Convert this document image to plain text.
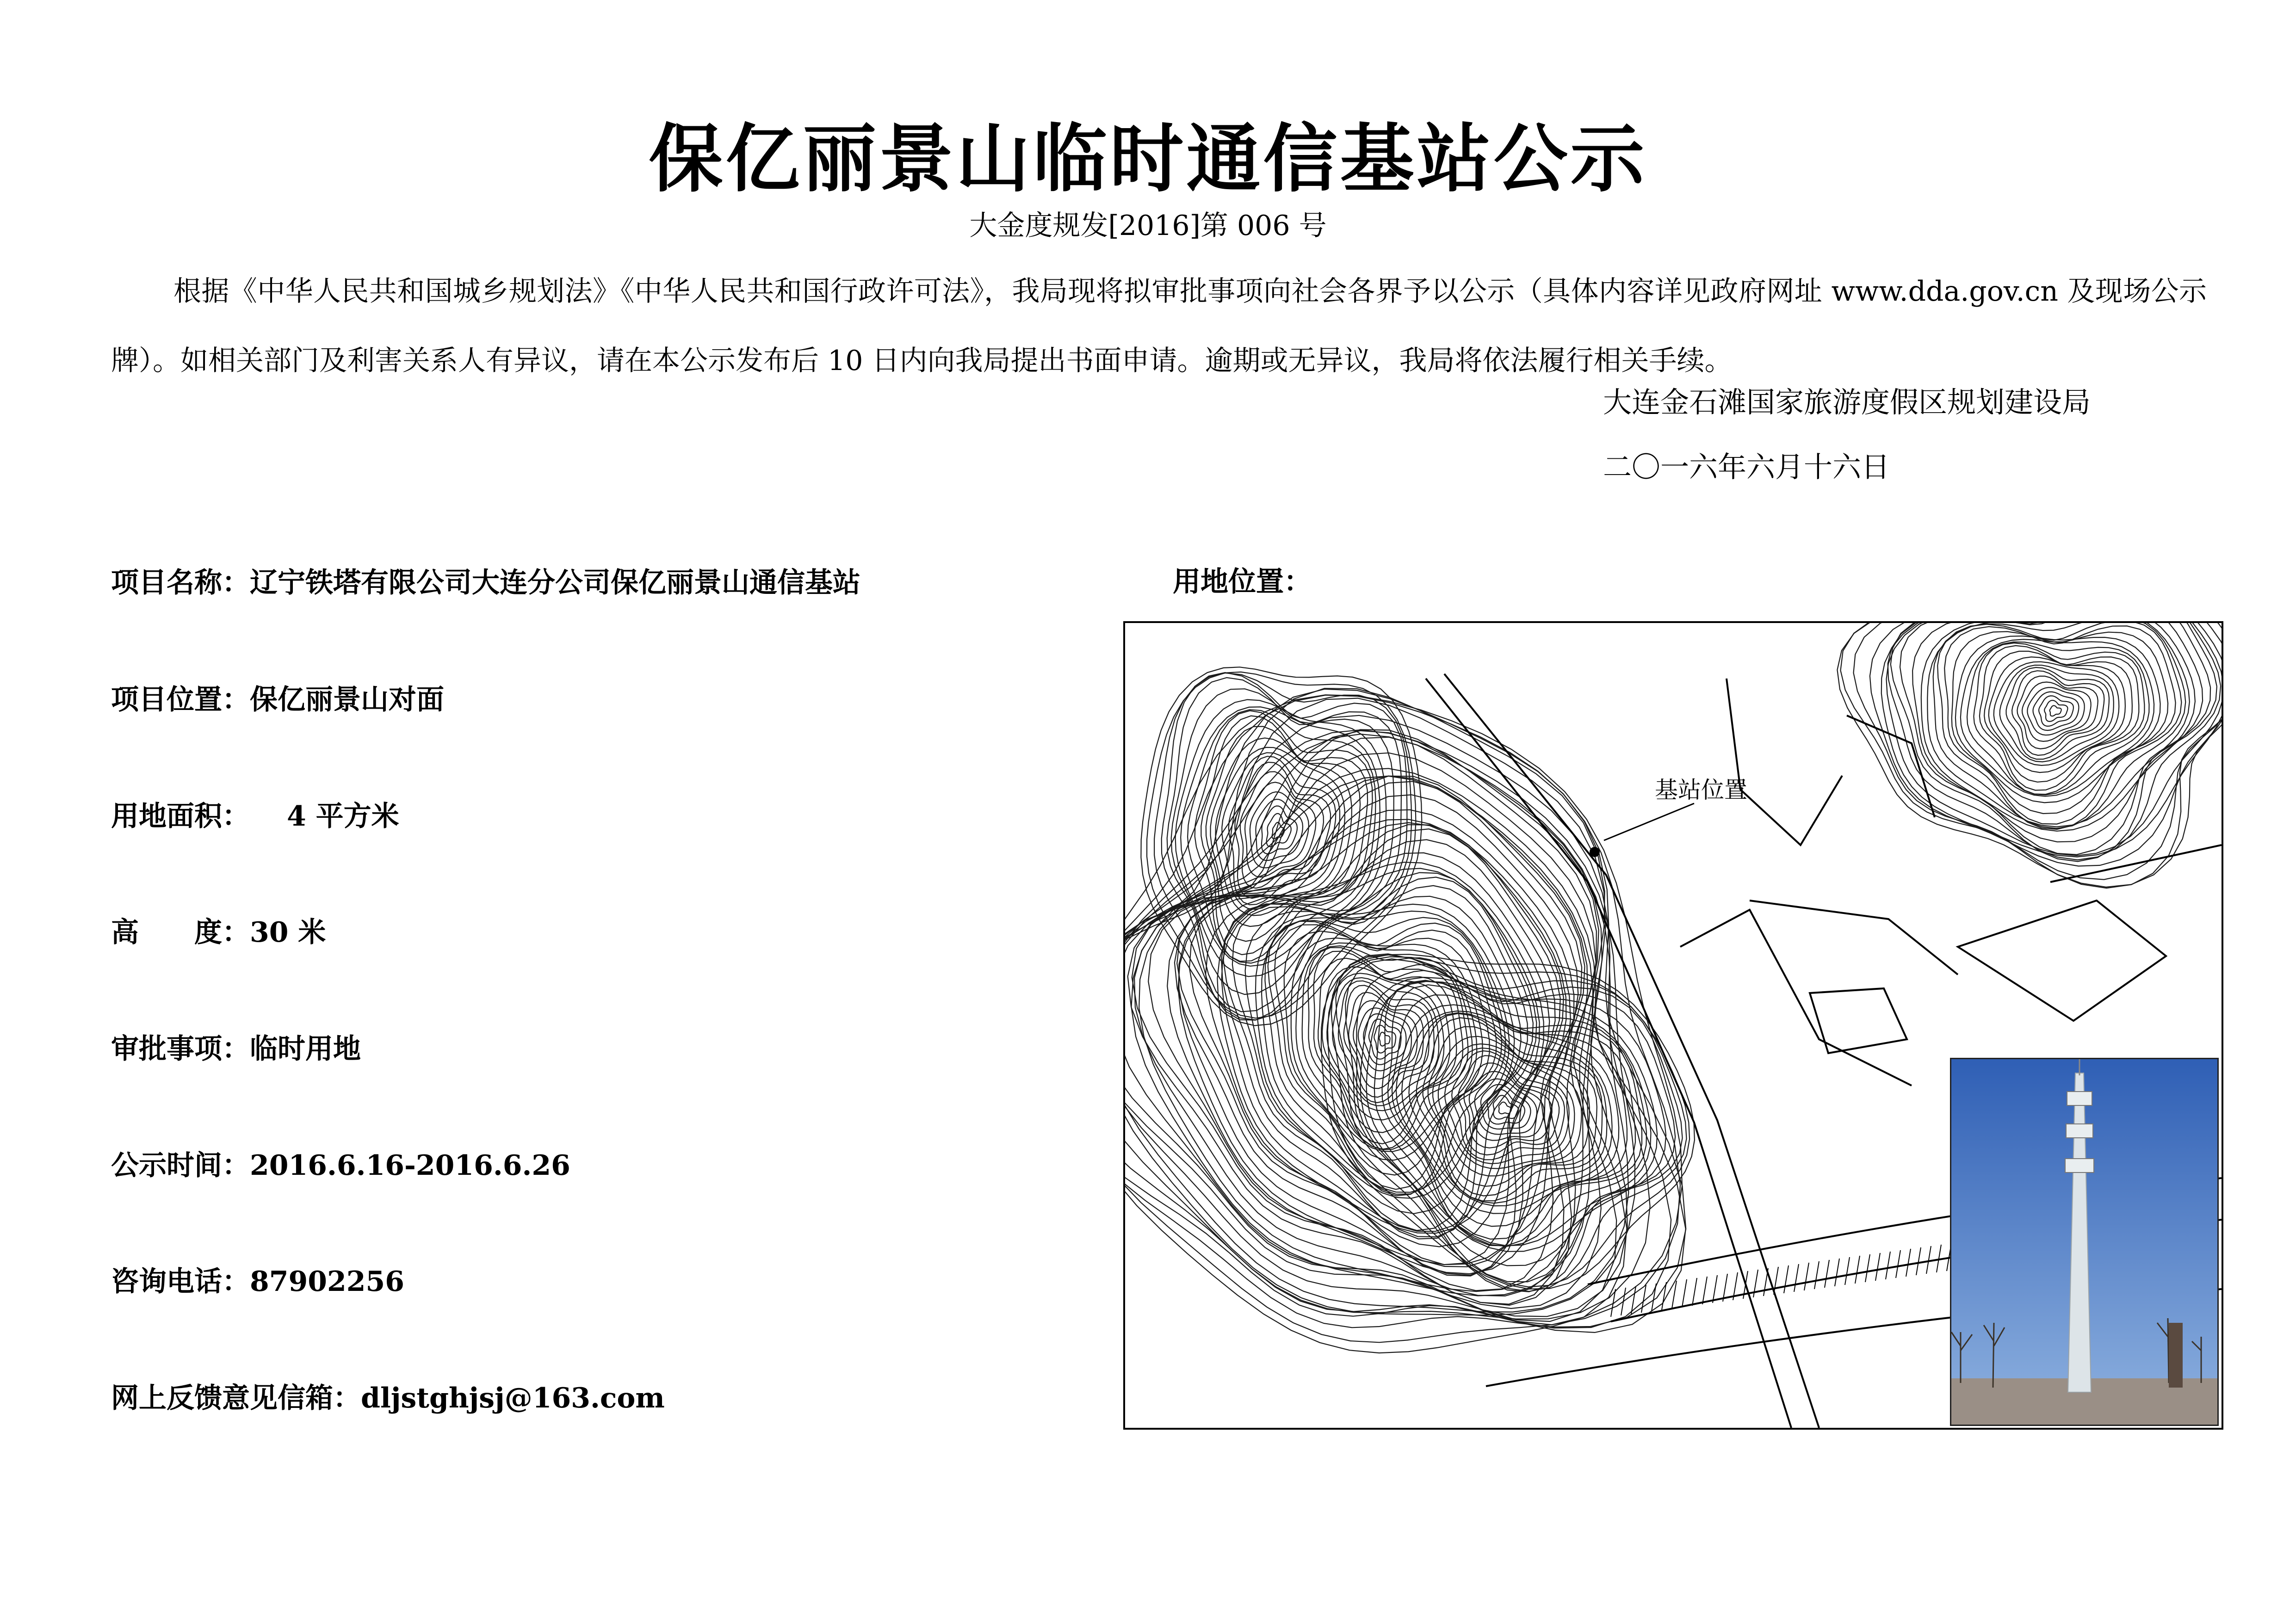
保亿丽景山临时通信基站公示
大金度规发[2016]第 006 号
根据《中华人民共和国城乡规划法》《中华人民共和国行政许可法》，我局现将拟审批事项向社会各界予以公示（具体内容详见政府网址 www.dda.gov.cn 及现场公示牌）。如相关部门及利害关系人有异议，请在本公示发布后 10 日内向我局提出书面申请。逾期或无异议，我局将依法履行相关手续。
大连金石滩国家旅游度假区规划建设局
二〇一六年六月十六日
项目名称：辽宁铁塔有限公司大连分公司保亿丽景山通信基站
项目位置：保亿丽景山对面
用地面积： 4 平方米
高　　度：30 米
审批事项：临时用地
公示时间：2016.6.16-2016.6.26
咨询电话：87902256
网上反馈意见信箱：dljstghjsj@163.com
用地位置：
基站位置
